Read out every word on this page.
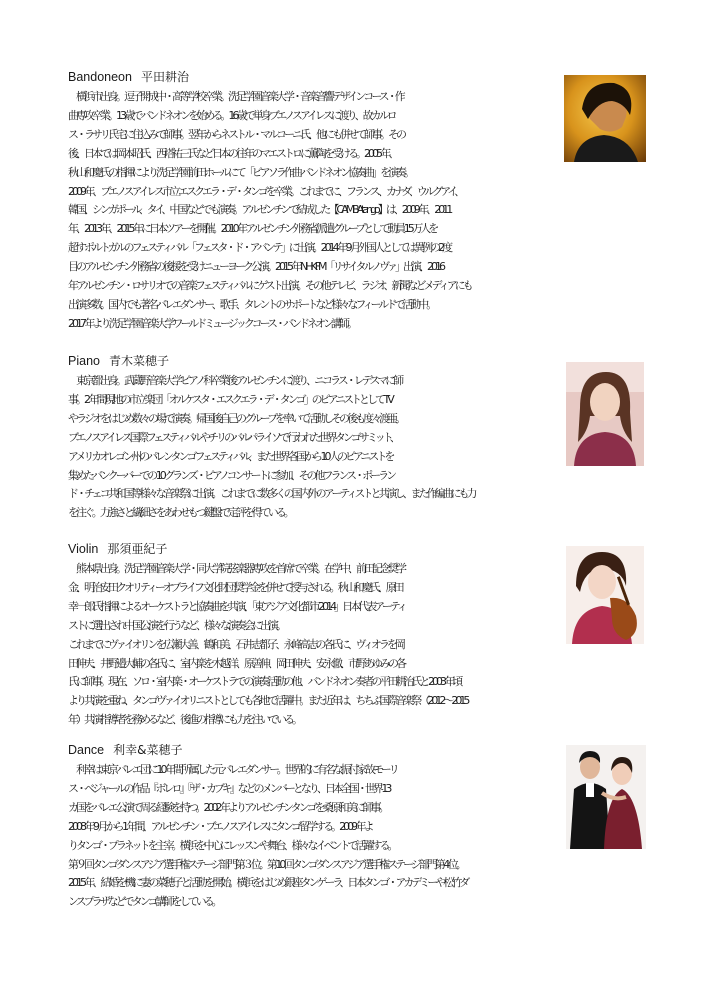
Bandoneon 平田耕治

　横浜市出身。逗子開成中・高等学校卒業。洗足学園音楽大学・音楽音響デザインコース・作

曲専攻卒業。13 歳でバンドネオンを始める。16 歳で単身ブエノスアイレスに渡り、故カルロ

ス・ラサリ氏宅に住込みで師事。翌年からネストル・マルコーニ氏、他にも併せて師事。その

後、日本では岡本昭氏、西塔祐三氏など日本の往年のマエストロに薫陶を受ける。2005 年、

秋山和慶氏の指揮により洗足学園前田ホールにて「ピアソラ作曲 バンドネオン協奏曲」を演奏。

2009 年、ブエノスアイレス市立エスクエラ・デ・タンゴを卒業。これまでに、フランス、カナダ、ウルグアイ、

韓国、シンガポール、タイ、中国などでも演奏。アルゼンチンで結成した【CAMBAtango】は、2009 年、2011

年、2013 年、2015 年に日本ツアーを開催。2010 年アルゼンチン外務省派遣グループとして動員 15 万人を

超すポルトガルのフェスティバル「フェスタ・ド・アバンテ」に出演。2014 年 9 月外国人としては異例の2度

目のアルゼンチン外務省の後援を受けニューヨーク公演。2015 年 NHKFM「リサイタルノヴァ」出演、2016

年アルゼンチン・ロサリオでの音楽フェスティバルにゲスト出演。その他テレビ、ラジオ、新聞などメディアにも

出演多数。国内でも著名バレエダンサー、歌手、タレントのサポートなど様々なフィールドで活動中。

2017 年より洗足学園音楽大学ワールドミュージックコース・バンドネオン講師。

Piano 青木菜穂子

　東京都出身。武蔵野音楽大学ピアノ科卒業後アルゼンチンに渡り、ニコラス・レデスマに師

事。2 年間現地の市立楽団「オルケスタ・エスクエラ・デ・タンゴ」のピアニストとして TV

やラジオをはじめ数々の場で演奏。帰国後自己のグループを率いて活動しその後も度々渡亜。

ブエノスアイレス国際フェスティバルやチリのバルパライソで行われた世界タンゴサミット、

アメリカオレゴン州のパレンタンゴフェスティバル、また世界各国から 10 人のピアニストを

集めたバンクーバーでの 10 グランズ・ピアノコンサートに参加、その他フランス・ポーラン

ド・チェコ共和国等様々な音楽祭に出演。これまでに数多くの国内外のアーティストと共演し、また作編曲にも力

を注ぐ。力強さと繊細さをあわせもつ鍵盤で定評を得ている。

Violin 那須亜紀子

　熊本県出身。洗足学園音楽大学・同大学院弦楽器専攻を首席で卒業。在学中、前田記念奨学

金、明治安田クオリティーオブライフ文化財団奨学金を併せて授与される。秋山和慶氏、原田

幸一郎氏指揮によるオーケストラと協奏曲を共演、「東アジア文化都市 2014」日本代表アーティ

ストに選出され中国公演を行うなど、様々な演奏会に出演。

これまでにヴァイオリンを広瀬大善、鶴和美、石井志都子、永峰高志の各氏に、ヴィオラを岡

田伸夫、井野邉大輔の各氏に、室内楽を木越洋、原善伸、岡田伸夫、安永徹、市野あゆみの各

氏に師事。現在、ソロ・室内楽・オーケストラでの演奏活動の他、バンドネオン奏者の平田耕治氏と 2003 年頃

より共演を重ね、タンゴヴァイオリニストとしても各地で活躍中。また近年は、ちちぶ国際音楽祭（2012～2015

年）共演指導者を務めるなど、後進の指導にも力を注いでいる。

Dance 利幸&菜穂子

　利幸は東京バレエ団に 10 年間所属した元バレエダンサー。世界的に有名な振付家 故モーリ

ス・ベジャールの作品『ボレロ』『ザ・カブキ』などのメンバーとなり、日本全国・世界 13

カ国をバレエ公演で周る経験を持つ。2002 年よりアルゼンチンタンゴを桑原和美に師事。

2008 年 9 月から 1 年間、アルゼンチン・ブエノスアイレスにタンゴ留学する。2009 年よ

りタンゴ・プラネットを主宰。横浜を中心にレッスンや舞台、様々なイベントで活躍する。

第９回タンゴダンスアジア選手権ステージ部門第３位。第 10 回タンゴダンスアジア選手権ステージ部門第 4 位。

2015 年、結婚を機に妻の菜穂子と活動を開始。横浜をはじめ銀座タンゲーラ、日本タンゴ・アカデミーや松竹ダ

ンスプラザなどでタンゴ講師をしている。
